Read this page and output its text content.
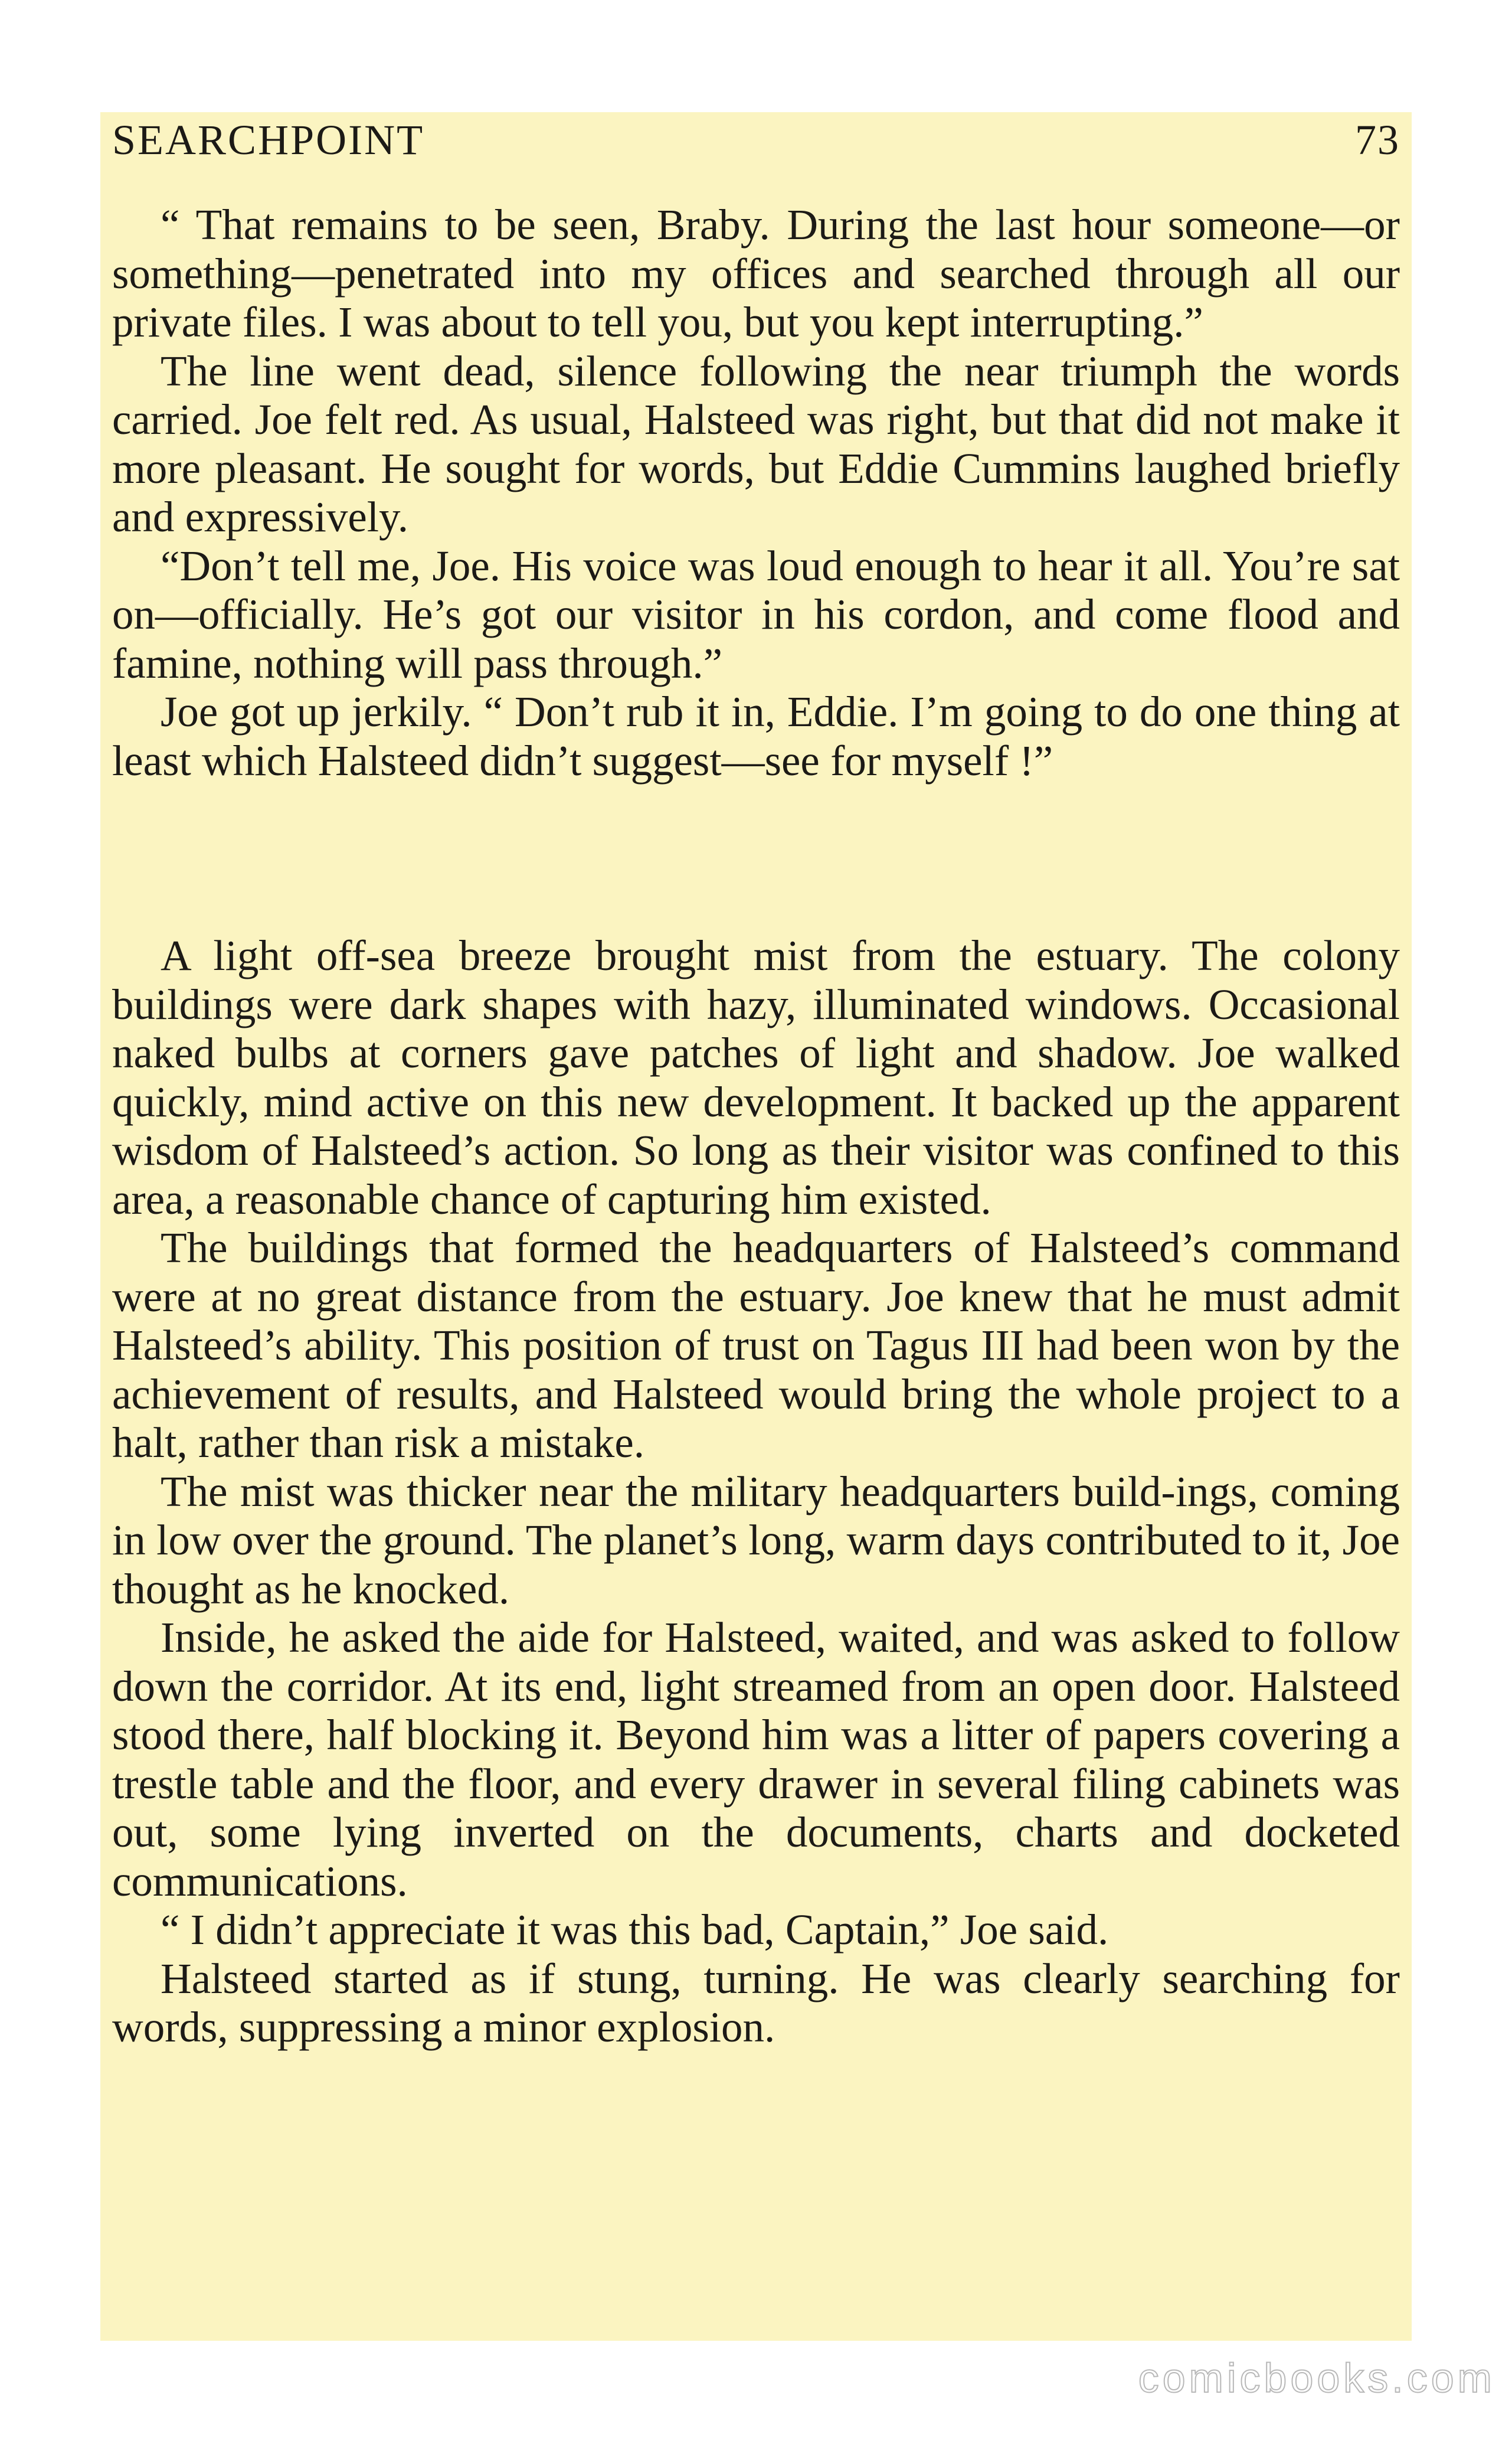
SEARCHPOINT	73

“ That remains to be seen, Braby. During the last hour someone—or something—penetrated into my offices and searched through all our private files. I was about to tell you, but you kept interrupting.”

The line went dead, silence following the near triumph the words carried. Joe felt red. As usual, Halsteed was right, but that did not make it more pleasant. He sought for words, but Eddie Cummins laughed briefly and expressively.

“Don’t tell me, Joe. His voice was loud enough to hear it all. You’re sat on—officially. He’s got our visitor in his cordon, and come flood and famine, nothing will pass through.”

Joe got up jerkily. “ Don’t rub it in, Eddie. I’m going to do one thing at least which Halsteed didn’t suggest—see for myself !”

A light off-sea breeze brought mist from the estuary. The colony buildings were dark shapes with hazy, illuminated windows. Occasional naked bulbs at corners gave patches of light and shadow. Joe walked quickly, mind active on this new development. It backed up the apparent wisdom of Halsteed’s action. So long as their visitor was confined to this area, a reasonable chance of capturing him existed.

The buildings that formed the headquarters of Halsteed’s command were at no great distance from the estuary. Joe knew that he must admit Halsteed’s ability. This position of trust on Tagus III had been won by the achievement of results, and Halsteed would bring the whole project to a halt, rather than risk a mistake.

The mist was thicker near the military headquarters build-ings, coming in low over the ground. The planet’s long, warm days contributed to it, Joe thought as he knocked.

Inside, he asked the aide for Halsteed, waited, and was asked to follow down the corridor. At its end, light streamed from an open door. Halsteed stood there, half blocking it. Beyond him was a litter of papers covering a trestle table and the floor, and every drawer in several filing cabinets was out, some lying inverted on the documents, charts and docketed communications.

“ I didn’t appreciate it was this bad, Captain,” Joe said.

Halsteed started as if stung, turning. He was clearly searching for words, suppressing a minor explosion.

comicbooks.com
